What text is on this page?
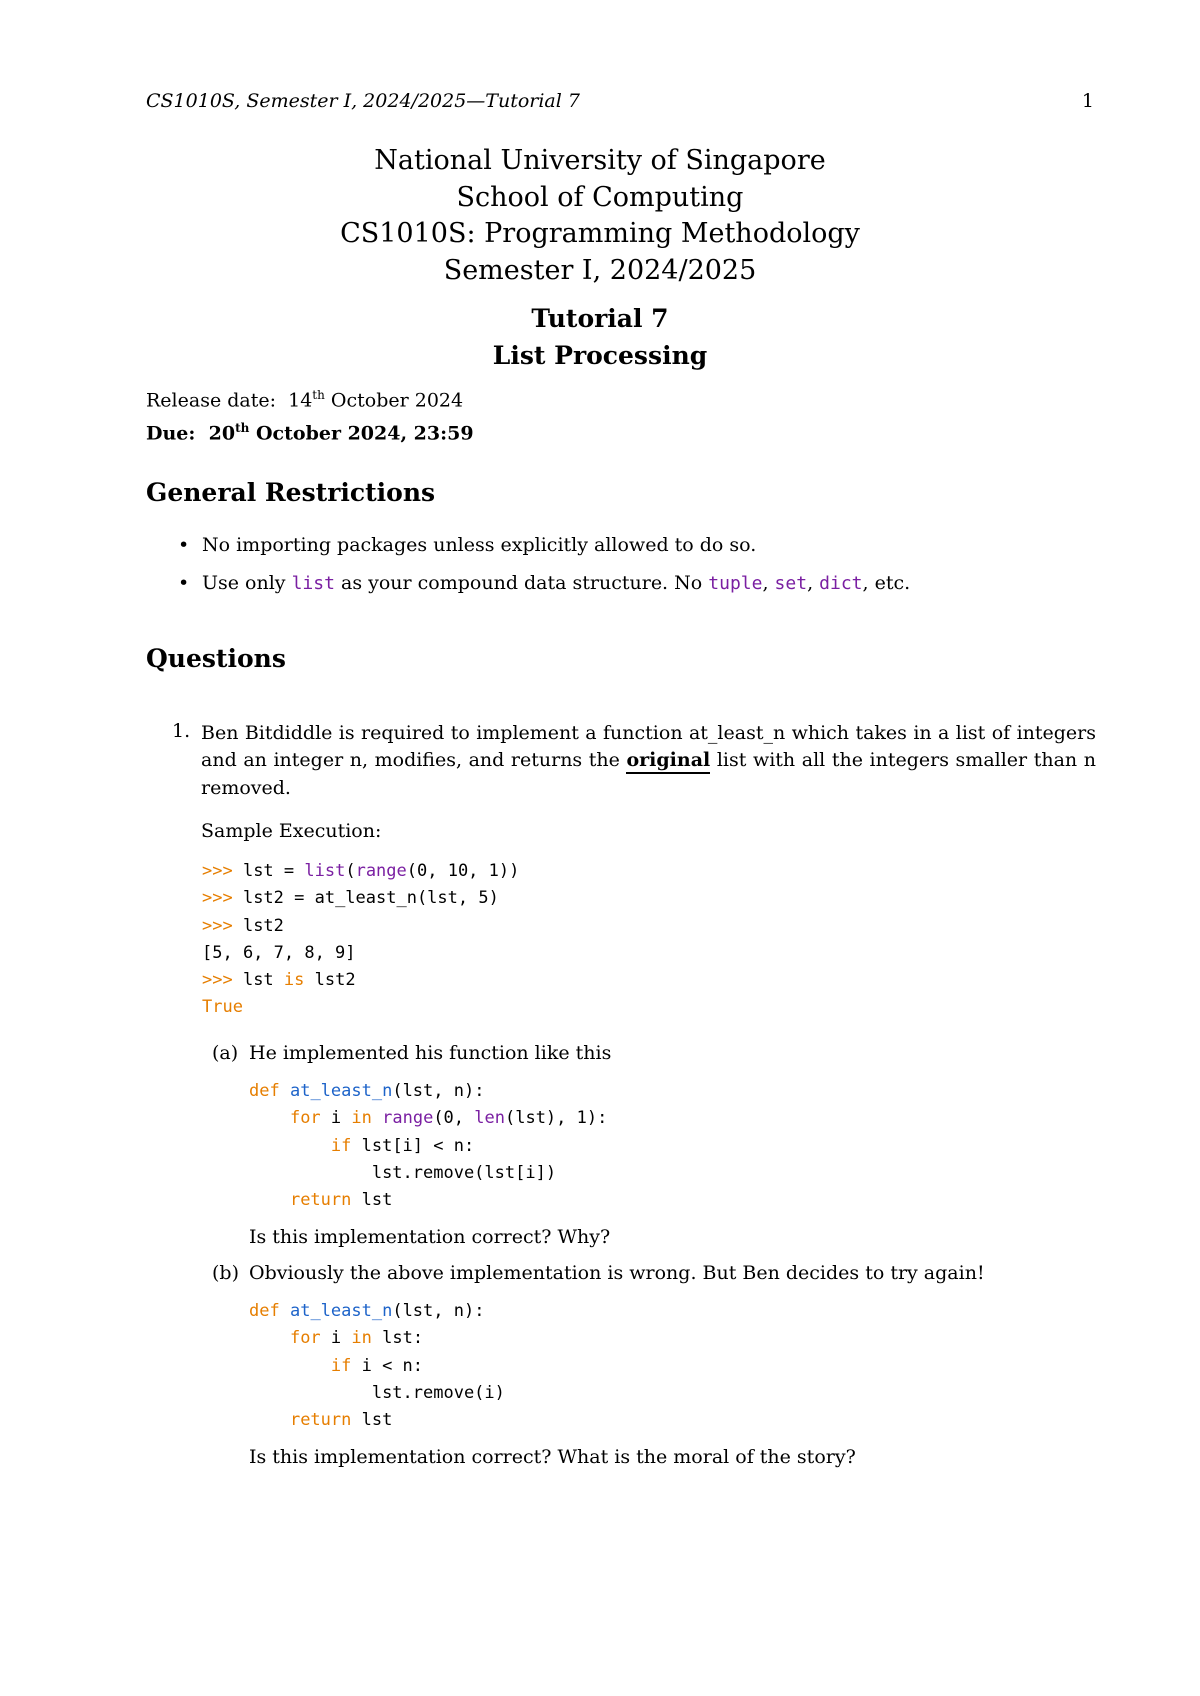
CS1010S, Semester I, 2024/2025—Tutorial 7	1
National University of Singapore
School of Computing
CS1010S: Programming Methodology
Semester I, 2024/2025
Tutorial 7
List Processing
Release date: 14th October 2024
Due: 20th October 2024, 23:59
General Restrictions
• No importing packages unless explicitly allowed to do so.
• Use only list as your compound data structure. No tuple, set, dict, etc.
Questions
1. Ben Bitdiddle is required to implement a function at_least_n which takes in a list of integers and an integer n, modifies, and returns the original list with all the integers smaller than n removed.
Sample Execution:
>>> lst = list(range(0, 10, 1))
>>> lst2 = at_least_n(lst, 5)
>>> lst2
[5, 6, 7, 8, 9]
>>> lst is lst2
True
(a) He implemented his function like this
def at_least_n(lst, n):
for i in range(0, len(lst), 1):
if lst[i] < n:
lst.remove(lst[i])
return lst
Is this implementation correct? Why?
(b) Obviously the above implementation is wrong. But Ben decides to try again!
def at_least_n(lst, n):
for i in lst:
if i < n:
lst.remove(i)
return lst
Is this implementation correct? What is the moral of the story?
